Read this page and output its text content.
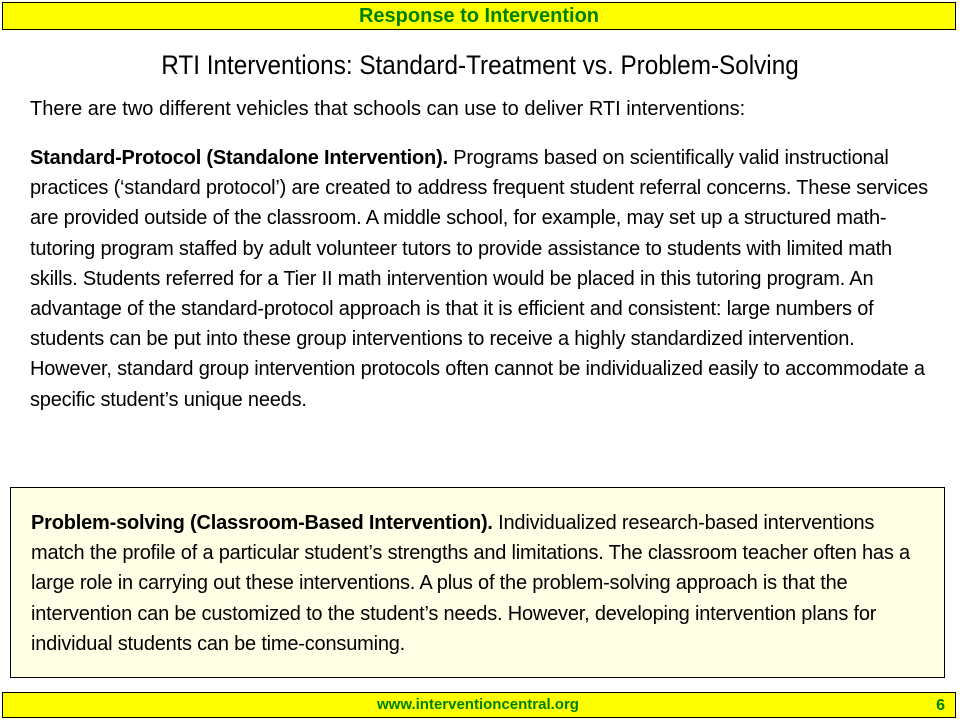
Response to Intervention
RTI Interventions: Standard-Treatment vs. Problem-Solving
There are two different vehicles that schools can use to deliver RTI interventions:

Standard-Protocol (Standalone Intervention). Programs based on scientifically valid instructional practices (‘standard protocol’) are created to address frequent student referral concerns. These services are provided outside of the classroom. A middle school, for example, may set up a structured math-tutoring program staffed by adult volunteer tutors to provide assistance to students with limited math skills. Students referred for a Tier II math intervention would be placed in this tutoring program. An advantage of the standard-protocol approach is that it is efficient and consistent: large numbers of students can be put into these group interventions to receive a highly standardized intervention. However, standard group intervention protocols often cannot be individualized easily to accommodate a specific student’s unique needs.

Problem-solving (Classroom-Based Intervention). Individualized research-based interventions match the profile of a particular student’s strengths and limitations. The classroom teacher often has a large role in carrying out these interventions. A plus of the problem-solving approach is that the intervention can be customized to the student’s needs. However, developing intervention plans for individual students can be time-consuming.

www.interventioncentral.org	6
